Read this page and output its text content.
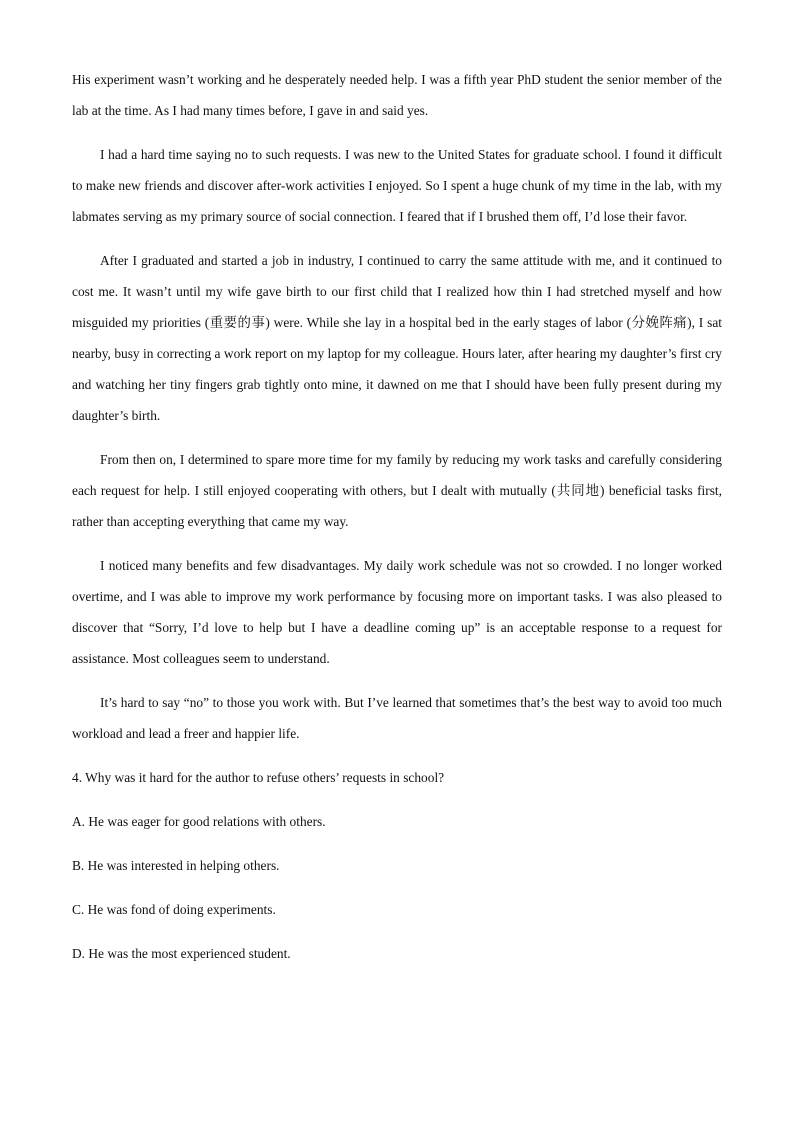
His experiment wasn’t working and he desperately needed help. I was a fifth year PhD student the senior member of the lab at the time. As I had many times before, I gave in and said yes.

I had a hard time saying no to such requests. I was new to the United States for graduate school. I found it difficult to make new friends and discover after-work activities I enjoyed. So I spent a huge chunk of my time in the lab, with my labmates serving as my primary source of social connection. I feared that if I brushed them off, I’d lose their favor.

After I graduated and started a job in industry, I continued to carry the same attitude with me, and it continued to cost me. It wasn’t until my wife gave birth to our first child that I realized how thin I had stretched myself and how misguided my priorities (重要的事) were. While she lay in a hospital bed in the early stages of labor (分娩阵痛), I sat nearby, busy in correcting a work report on my laptop for my colleague. Hours later, after hearing my daughter’s first cry and watching her tiny fingers grab tightly onto mine, it dawned on me that I should have been fully present during my daughter’s birth.

From then on, I determined to spare more time for my family by reducing my work tasks and carefully considering each request for help. I still enjoyed cooperating with others, but I dealt with mutually (共同地) beneficial tasks first, rather than accepting everything that came my way.

I noticed many benefits and few disadvantages. My daily work schedule was not so crowded. I no longer worked overtime, and I was able to improve my work performance by focusing more on important tasks. I was also pleased to discover that “Sorry, I’d love to help but I have a deadline coming up” is an acceptable response to a request for assistance. Most colleagues seem to understand.

It’s hard to say “no” to those you work with. But I’ve learned that sometimes that’s the best way to avoid too much workload and lead a freer and happier life.

4. Why was it hard for the author to refuse others’ requests in school?

A. He was eager for good relations with others.

B. He was interested in helping others.

C. He was fond of doing experiments.

D. He was the most experienced student.
